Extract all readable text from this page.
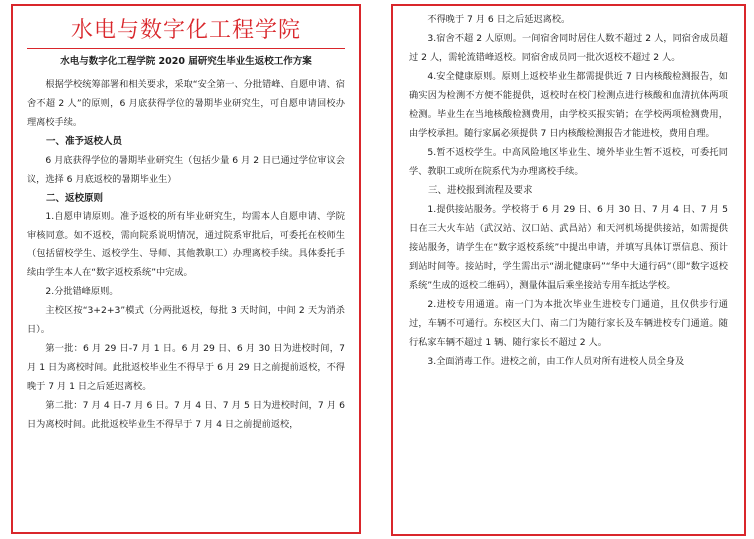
水电与数字化工程学院
水电与数字化工程学院 2020 届研究生毕业生返校工作方案

根据学校统筹部署和相关要求，采取“安全第一、分批错峰、自愿申请、宿舍不超 2 人”的原则，6 月底获得学位的暑期毕业研究生，可自愿申请回校办理离校手续。

一、准予返校人员

6 月底获得学位的暑期毕业研究生（包括少量 6 月 2 日已通过学位审议会议，选择 6 月底返校的暑期毕业生）

二、返校原则

1.自愿申请原则。准予返校的所有毕业研究生，均需本人自愿申请、学院审核同意。如不返校，需向院系说明情况，通过院系审批后，可委托在校师生（包括留校学生、返校学生、导师、其他教职工）办理离校手续。具体委托手续由学生本人在“数字返校系统”中完成。

2.分批错峰原则。

主校区按“3+2+3”模式（分两批返校，每批 3 天时间，中间 2 天为消杀日）。

第一批：6 月 29 日-7 月 1 日。6 月 29 日、6 月 30 日为进校时间，7 月 1 日为离校时间。此批返校毕业生不得早于 6 月 29 日之前提前返校，不得晚于 7 月 1 日之后延迟离校。

第二批：7 月 4 日-7 月 6 日。7 月 4 日、7 月 5 日为进校时间，7 月 6 日为离校时间。此批返校毕业生不得早于 7 月 4 日之前提前返校，

不得晚于 7 月 6 日之后延迟离校。

3.宿舍不超 2 人原则。一间宿舍同时居住人数不超过 2 人，同宿舍成员超过 2 人，需轮流错峰返校。同宿舍成员同一批次返校不超过 2 人。

4.安全健康原则。原则上返校毕业生都需提供近 7 日内核酸检测报告，如确实因为检测不方便不能提供，返校时在校门检测点进行核酸和血清抗体两项检测。毕业生在当地核酸检测费用，由学校买报实销；在学校两项检测费用，由学校承担。随行家属必须提供 7 日内核酸检测报告才能进校，费用自理。

5.暂不返校学生。中高风险地区毕业生、境外毕业生暂不返校，可委托同学、教职工或所在院系代为办理离校手续。

三、进校报到流程及要求

1.提供接站服务。学校将于 6 月 29 日、6 月 30 日、7 月 4 日、7 月 5 日在三大火车站（武汉站、汉口站、武昌站）和天河机场提供接站，如需提供接站服务，请学生在“数字返校系统”中提出申请，并填写具体订票信息、预计到站时间等。接站时，学生需出示“湖北健康码”“华中大通行码”（即“数字返校系统”生成的返校二维码），测量体温后乘坐接站专用车抵达学校。

2.进校专用通道。南一门为本批次毕业生进校专门通道，且仅供步行通过，车辆不可通行。东校区大门、南二门为随行家长及车辆进校专门通道。随行私家车辆不超过 1 辆、随行家长不超过 2 人。

3.全面消毒工作。进校之前，由工作人员对所有进校人员全身及
